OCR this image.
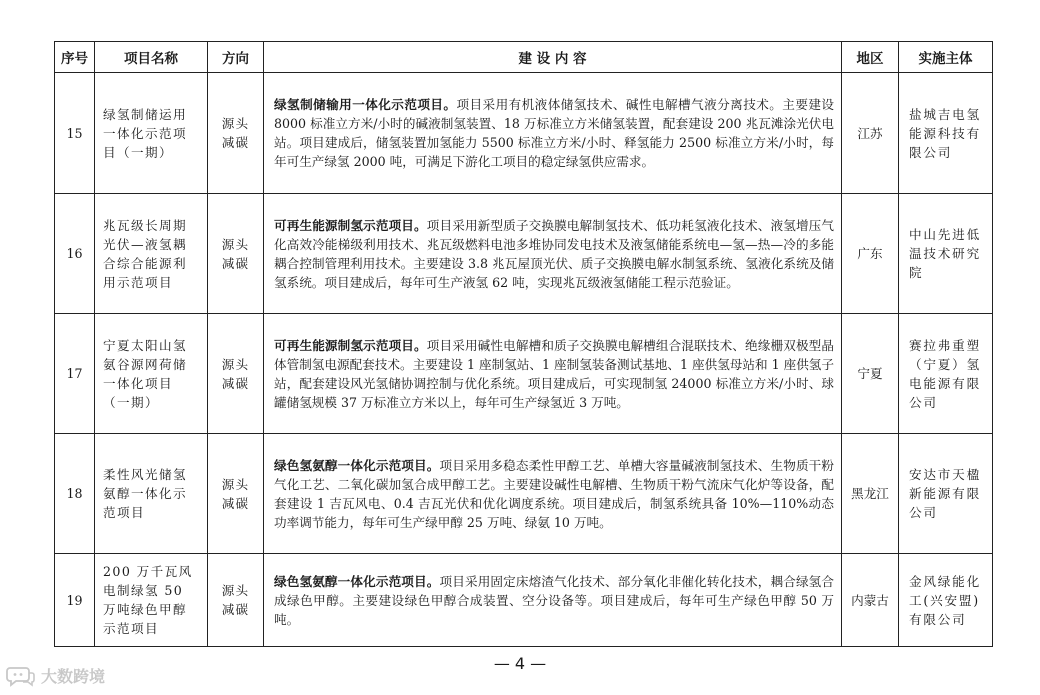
序号	项目名称	方向	建 设 内 容	地区	实施主体
15	绿氢制储运用一体化示范项目（一期）	源头减碳	绿氢制储输用一体化示范项目。项目采用有机液体储氢技术、碱性电解槽气液分离技术。主要建设 8000 标准立方米/小时的碱液制氢装置、18 万标准立方米储氢装置，配套建设 200 兆瓦滩涂光伏电站。项目建成后，储氢装置加氢能力 5500 标准立方米/小时、释氢能力 2500 标准立方米/小时，每年可生产绿氢 2000 吨，可满足下游化工项目的稳定绿氢供应需求。	江苏	盐城吉电氢能源科技有限公司
16	兆瓦级长周期光伏—液氢耦合综合能源利用示范项目	源头减碳	可再生能源制氢示范项目。项目采用新型质子交换膜电解制氢技术、低功耗氢液化技术、液氢增压气化高效冷能梯级利用技术、兆瓦级燃料电池多堆协同发电技术及液氢储能系统电—氢—热—冷的多能耦合控制管理利用技术。主要建设 3.8 兆瓦屋顶光伏、质子交换膜电解水制氢系统、氢液化系统及储氢系统。项目建成后，每年可生产液氢 62 吨，实现兆瓦级液氢储能工程示范验证。	广东	中山先进低温技术研究院
17	宁夏太阳山氢氨谷源网荷储一体化项目（一期）	源头减碳	可再生能源制氢示范项目。项目采用碱性电解槽和质子交换膜电解槽组合混联技术、绝缘栅双极型晶体管制氢电源配套技术。主要建设 1 座制氢站、1 座制氢装备测试基地、1 座供氢母站和 1 座供氢子站，配套建设风光氢储协调控制与优化系统。项目建成后，可实现制氢 24000 标准立方米/小时、球罐储氢规模 37 万标准立方米以上，每年可生产绿氢近 3 万吨。	宁夏	赛拉弗重塑（宁夏）氢电能源有限公司
18	柔性风光储氢氨醇一体化示范项目	源头减碳	绿色氢氨醇一体化示范项目。项目采用多稳态柔性甲醇工艺、单槽大容量碱液制氢技术、生物质干粉气化工艺、二氧化碳加氢合成甲醇工艺。主要建设碱性电解槽、生物质干粉气流床气化炉等设备，配套建设 1 吉瓦风电、0.4 吉瓦光伏和优化调度系统。项目建成后，制氢系统具备 10%—110%动态功率调节能力，每年可生产绿甲醇 25 万吨、绿氨 10 万吨。	黑龙江	安达市天楹新能源有限公司
19	200 万千瓦风电制绿氢 50 万吨绿色甲醇示范项目	源头减碳	绿色氢氨醇一体化示范项目。项目采用固定床熔渣气化技术、部分氧化非催化转化技术，耦合绿氢合成绿色甲醇。主要建设绿色甲醇合成装置、空分设备等。项目建成后，每年可生产绿色甲醇 50 万吨。	内蒙古	金风绿能化工(兴安盟)有限公司
— 4 —
大数跨境
